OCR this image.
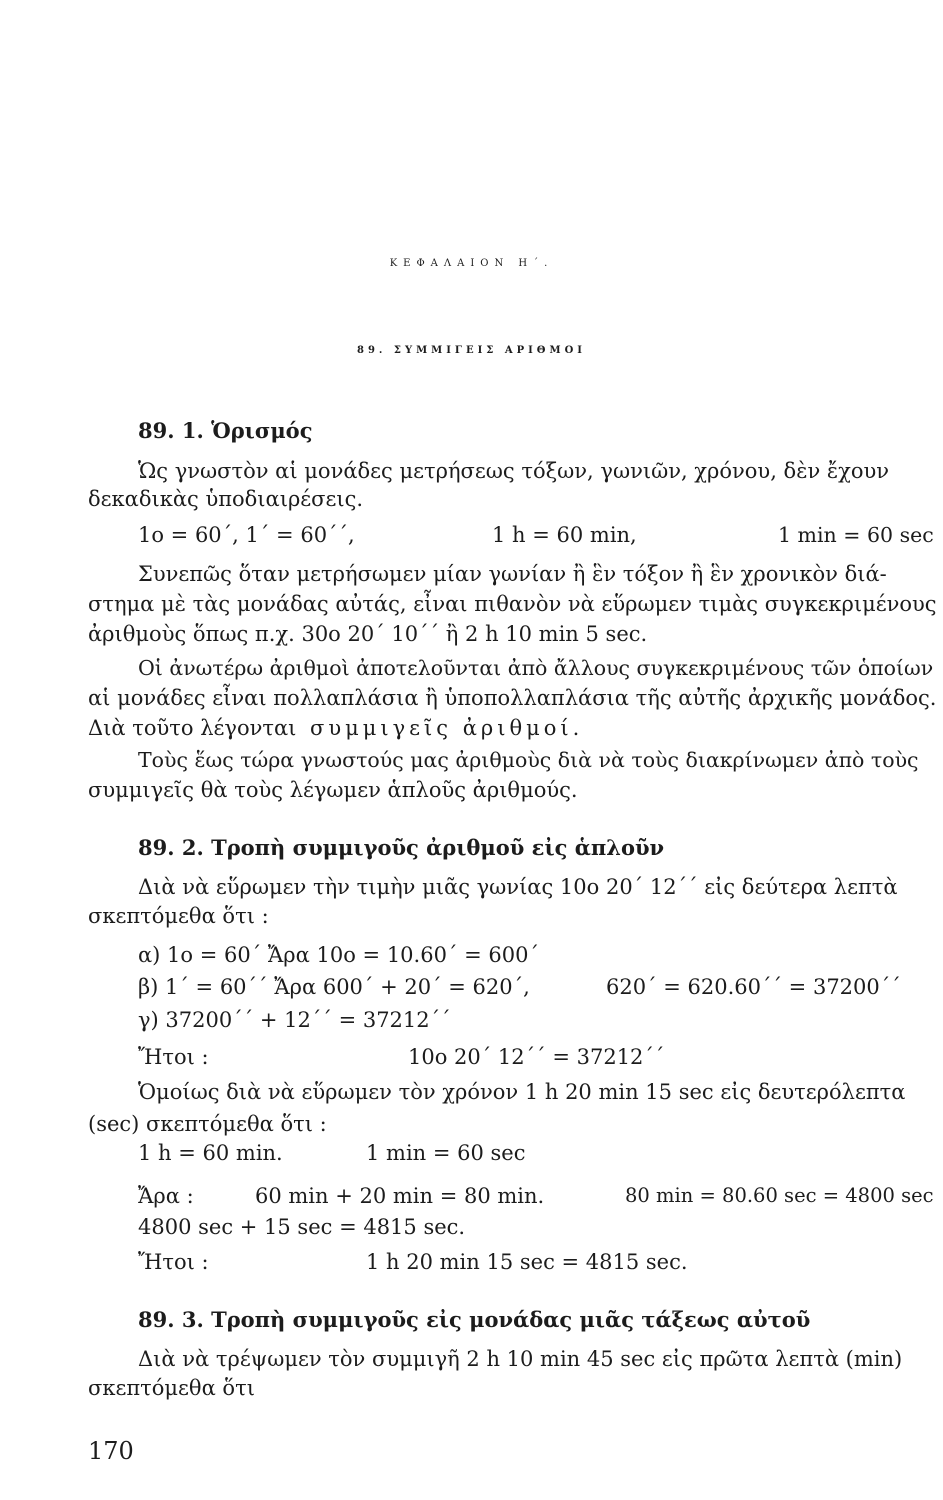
ΚΕΦΑΛΑΙΟΝ Η΄.
89. ΣΥΜΜΙΓΕΙΣ ΑΡΙΘΜΟΙ
89. 1. Ὁρισμός
Ὡς γνωστὸν αἱ μονάδες μετρήσεως τόξων, γωνιῶν, χρόνου, δὲν ἔχουν
δεκαδικὰς ὑποδιαιρέσεις.
1ο = 60΄, 1΄ = 60΄΄,	1 h = 60 min,	1 min = 60 sec
Συνεπῶς ὅταν μετρήσωμεν μίαν γωνίαν ἢ ἓν τόξον ἢ ἓν χρονικὸν διά-
στημα μὲ τὰς μονάδας αὐτάς, εἶναι πιθανὸν νὰ εὕρωμεν τιμὰς συγκεκριμένους
ἀριθμοὺς ὅπως π.χ. 30ο 20΄ 10΄΄ ἢ 2 h 10 min 5 sec.
Οἱ ἀνωτέρω ἀριθμοὶ ἀποτελοῦνται ἀπὸ ἄλλους συγκεκριμένους τῶν ὁποίων
αἱ μονάδες εἶναι πολλαπλάσια ἢ ὑποπολλαπλάσια τῆς αὐτῆς ἀρχικῆς μονάδος.
Διὰ τοῦτο λέγονται συμμιγεῖς ἀριθμοί.
Τοὺς ἕως τώρα γνωστούς μας ἀριθμοὺς διὰ νὰ τοὺς διακρίνωμεν ἀπὸ τοὺς
συμμιγεῖς θὰ τοὺς λέγωμεν ἁπλοῦς ἀριθμούς.
89. 2. Τροπὴ συμμιγοῦς ἀριθμοῦ εἰς ἁπλοῦν
Διὰ νὰ εὕρωμεν τὴν τιμὴν μιᾶς γωνίας 10ο 20΄ 12΄΄ εἰς δεύτερα λεπτὰ
σκεπτόμεθα ὅτι :
α) 1ο = 60΄ Ἄρα 10ο = 10.60΄ = 600΄
β) 1΄ = 60΄΄ Ἄρα 600΄ + 20΄ = 620΄,	620΄ = 620.60΄΄ = 37200΄΄
γ) 37200΄΄ + 12΄΄ = 37212΄΄
Ἤτοι :	10ο 20΄ 12΄΄ = 37212΄΄
Ὁμοίως διὰ νὰ εὕρωμεν τὸν χρόνον 1 h 20 min 15 sec εἰς δευτερόλεπτα
(sec) σκεπτόμεθα ὅτι :
1 h = 60 min.	1 min = 60 sec
Ἄρα :	60 min + 20 min = 80 min.	80 min = 80.60 sec = 4800 sec
4800 sec + 15 sec = 4815 sec.
Ἤτοι :	1 h 20 min 15 sec = 4815 sec.
89. 3. Τροπὴ συμμιγοῦς εἰς μονάδας μιᾶς τάξεως αὐτοῦ
Διὰ νὰ τρέψωμεν τὸν συμμιγῆ 2 h 10 min 45 sec εἰς πρῶτα λεπτὰ (min)
σκεπτόμεθα ὅτι
170
